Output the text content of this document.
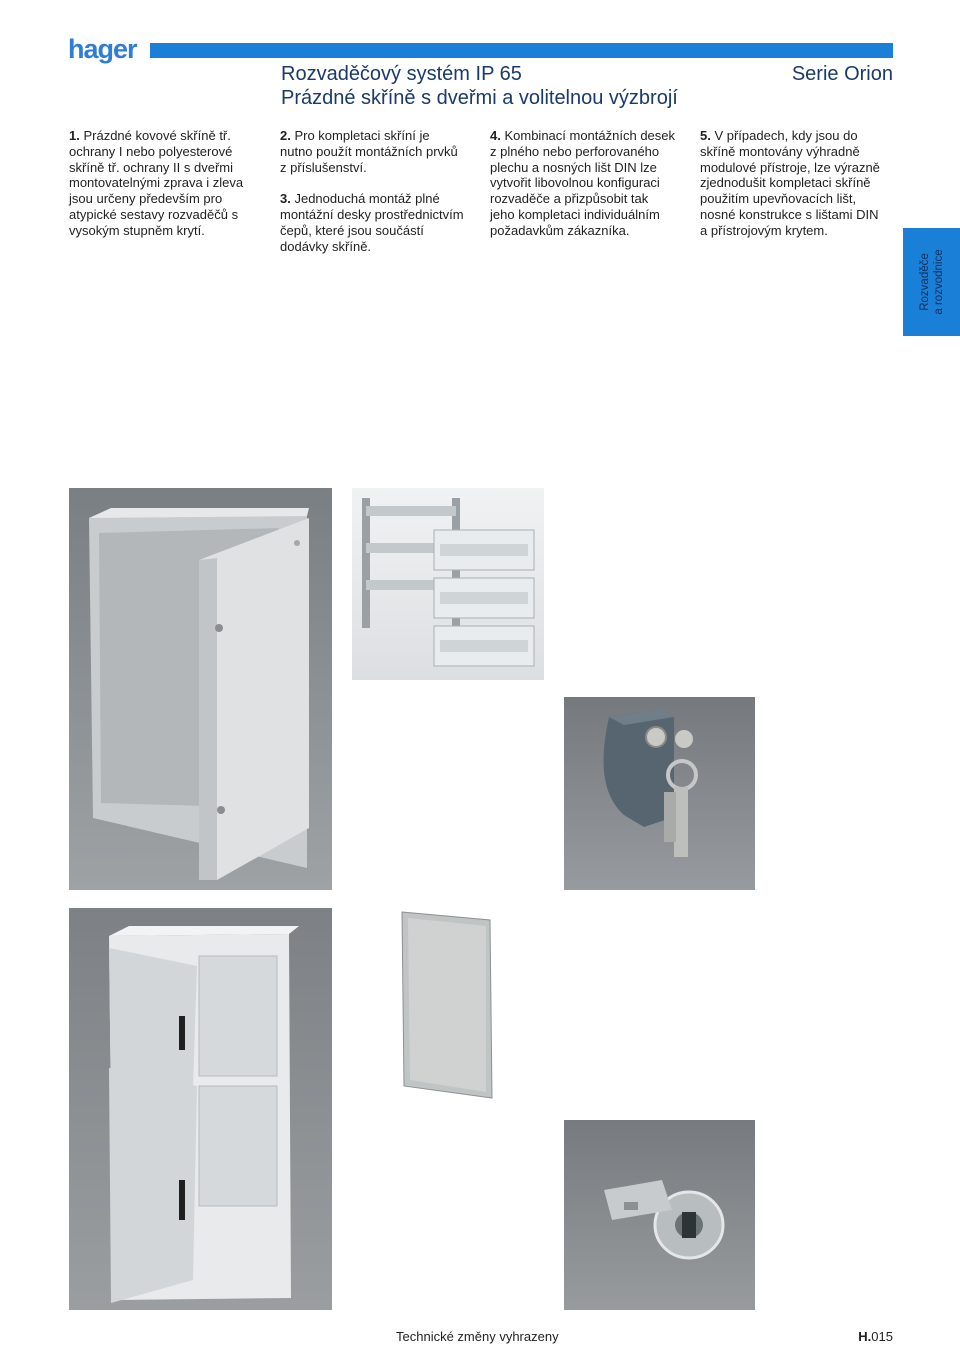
hager
Rozvaděčový systém IP 65
Prázdné skříně s dveřmi a volitelnou výzbrojí
Serie Orion

1. Prázdné kovové skříně tř. ochrany I nebo polyesterové skříně tř. ochrany II s dveřmi montovatelnými zprava i zleva jsou určeny především pro atypické sestavy rozvaděčů s vysokým stupněm krytí.

2. Pro kompletaci skříní je nutno použít montážních prvků z příslušenství.

3. Jednoduchá montáž plné montážní desky prostřednictvím čepů, které jsou součástí dodávky skříně.

4. Kombinací montážních desek z plného nebo perforovaného plechu a nosných lišt DIN lze vytvořit libovolnou konfiguraci rozvaděče a přizpůsobit tak jeho kompletaci individuálním požadavkům zákazníka.

5. V případech, kdy jsou do skříně montovány výhradně modulové přístroje, lze výrazně zjednodušit kompletaci skříně použitím upevňovacích lišt, nosné konstrukce s lištami DIN a přístrojovým krytem.

Rozvaděče a rozvodnice
Technické změny vyhrazeny	H.015
